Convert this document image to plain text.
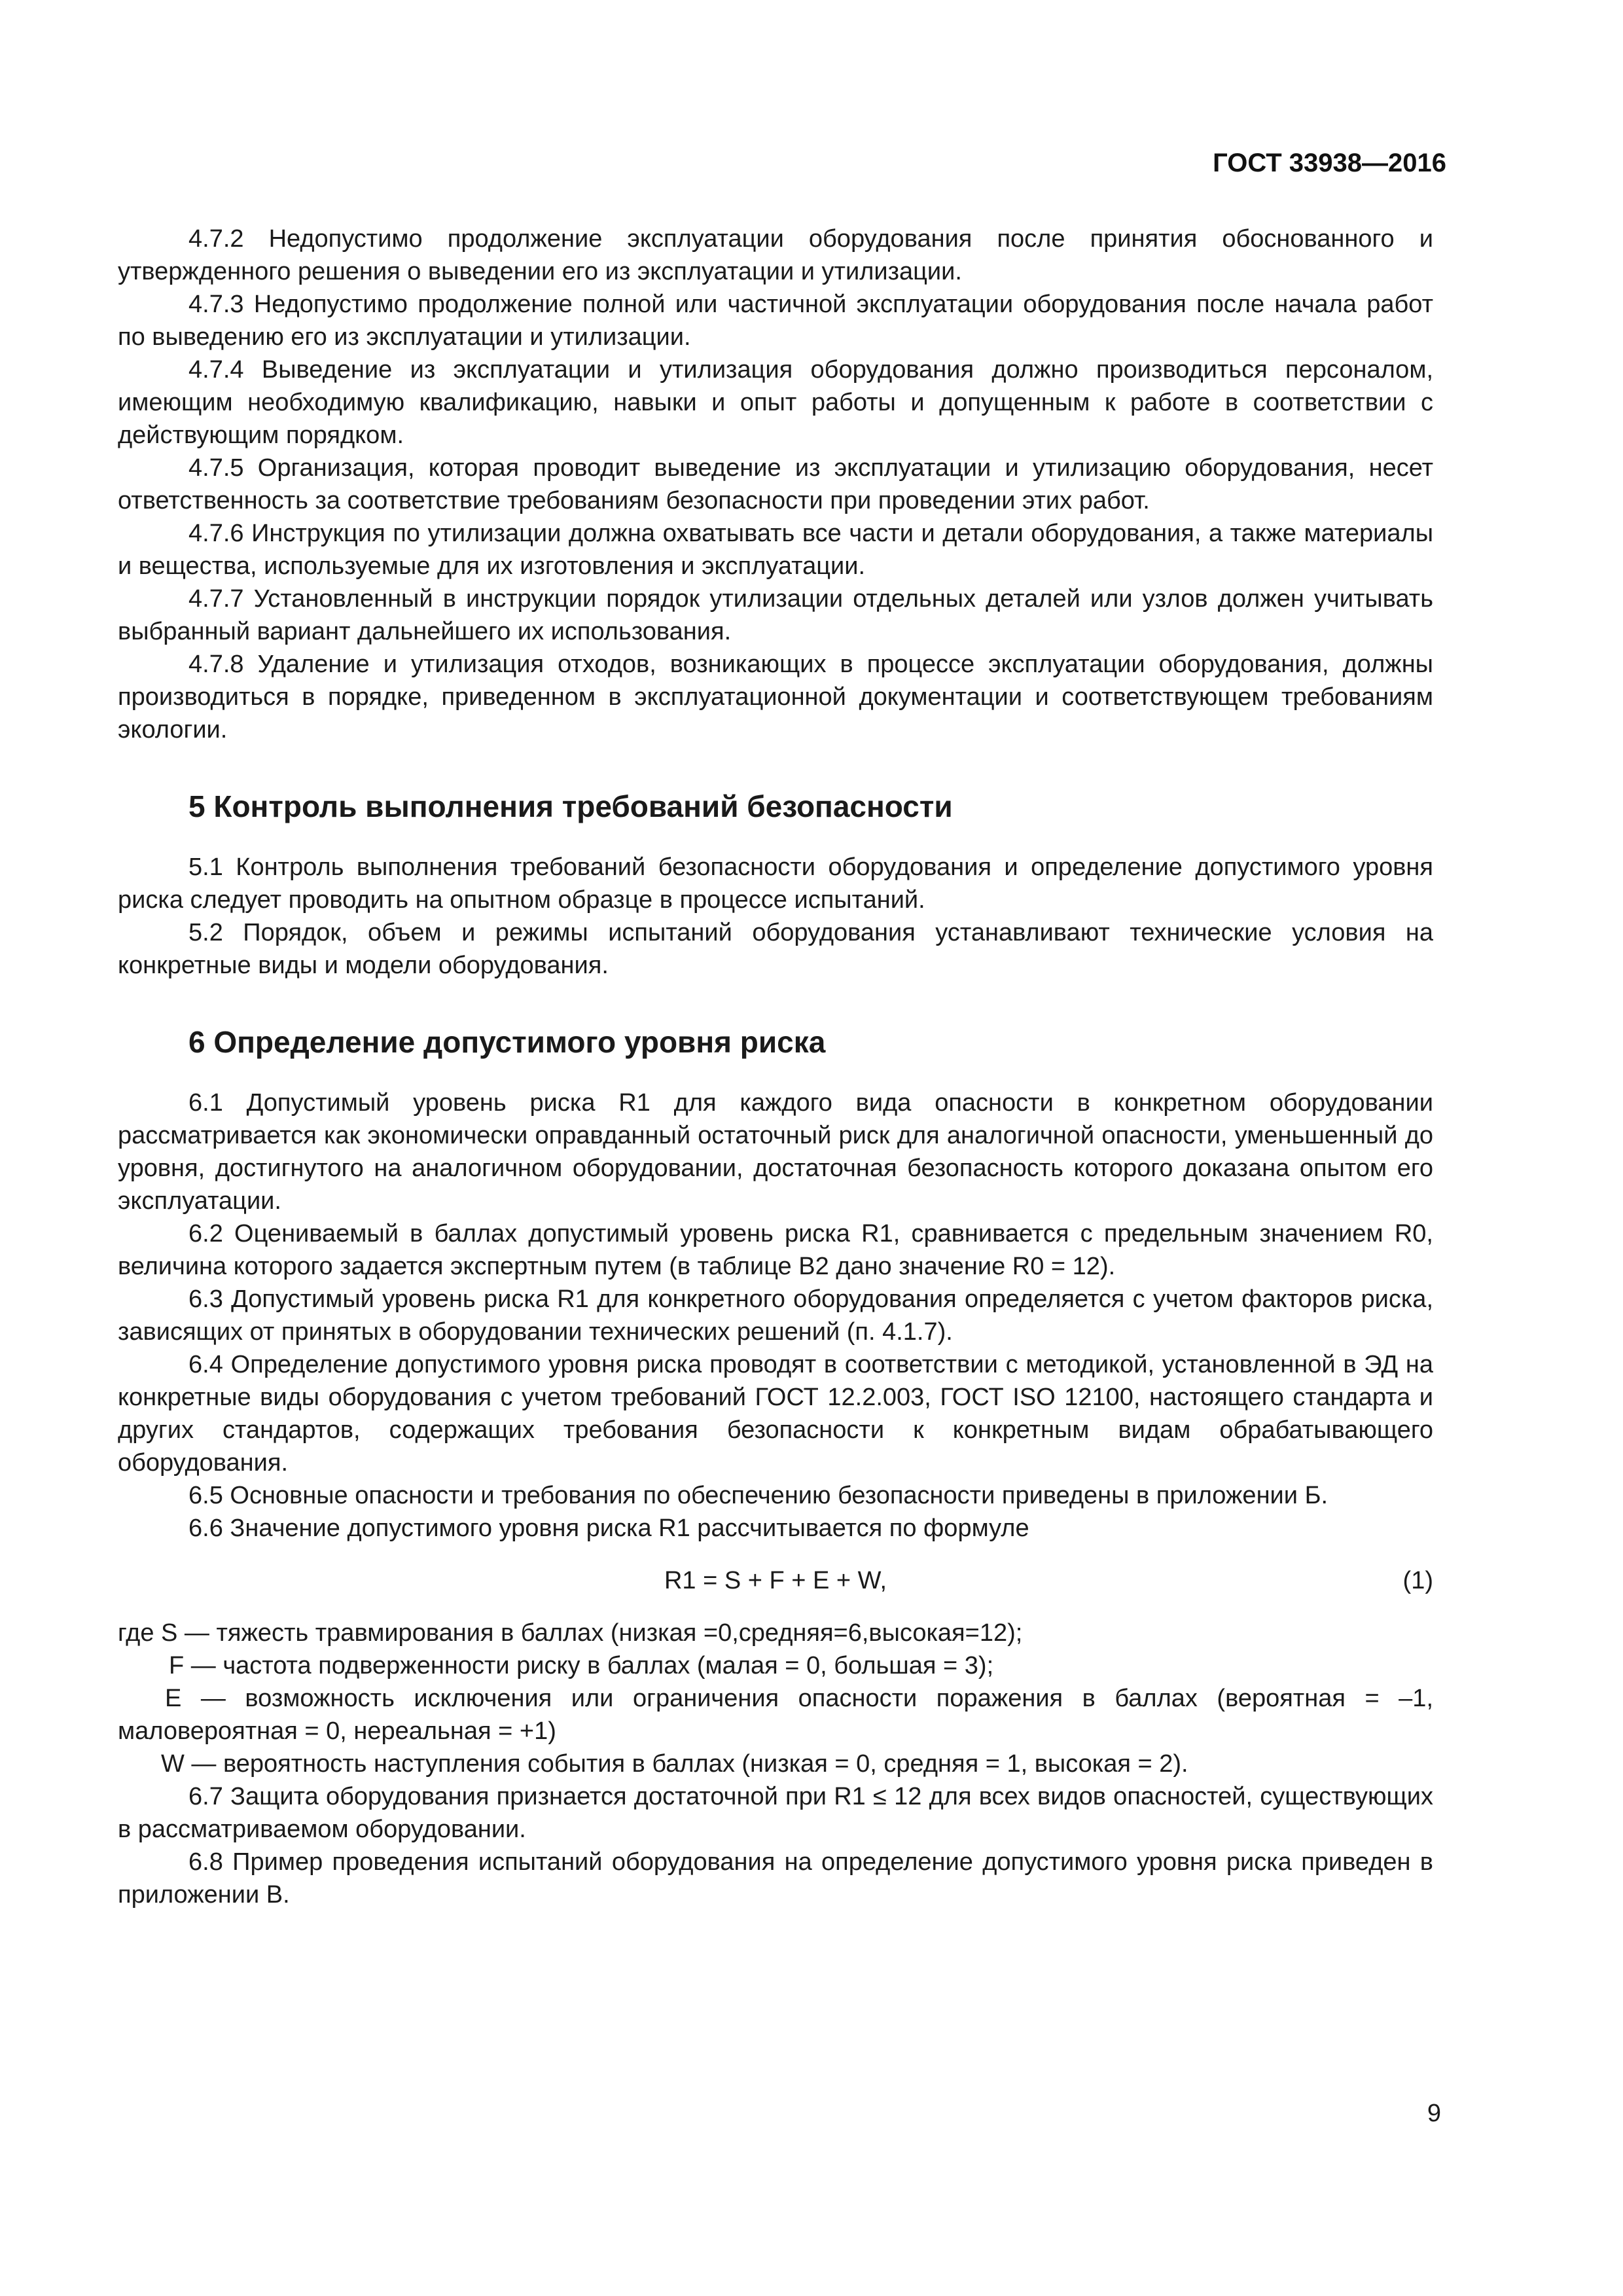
ГОСТ 33938—2016

4.7.2 Недопустимо продолжение эксплуатации оборудования после принятия обоснованного и утвержденного решения о выведении его из эксплуатации и утилизации.

4.7.3 Недопустимо продолжение полной или частичной эксплуатации оборудования после начала работ по выведению его из эксплуатации и утилизации.

4.7.4 Выведение из эксплуатации и утилизация оборудования должно производиться персоналом, имеющим необходимую квалификацию, навыки и опыт работы и допущенным к работе в соответствии с действующим порядком.

4.7.5 Организация, которая проводит выведение из эксплуатации и утилизацию оборудования, несет ответственность за соответствие требованиям безопасности при проведении этих работ.

4.7.6 Инструкция по утилизации должна охватывать все части и детали оборудования, а также материалы и вещества, используемые для их изготовления и эксплуатации.

4.7.7 Установленный в инструкции порядок утилизации отдельных деталей или узлов должен учитывать выбранный вариант дальнейшего их использования.

4.7.8 Удаление и утилизация отходов, возникающих в процессе эксплуатации оборудования, должны производиться в порядке, приведенном в эксплуатационной документации и соответствующем требованиям экологии.

5 Контроль выполнения требований безопасности

5.1 Контроль выполнения требований безопасности оборудования и определение допустимого уровня риска следует проводить на опытном образце в процессе испытаний.

5.2 Порядок, объем и режимы испытаний оборудования устанавливают технические условия на конкретные виды и модели оборудования.

6 Определение допустимого уровня риска

6.1 Допустимый уровень риска R1 для каждого вида опасности в конкретном оборудовании рассматривается как экономически оправданный остаточный риск для аналогичной опасности, уменьшенный до уровня, достигнутого на аналогичном оборудовании, достаточная безопасность которого доказана опытом его эксплуатации.

6.2 Оцениваемый в баллах допустимый уровень риска R1, сравнивается с предельным значением R0, величина которого задается экспертным путем (в таблице В2 дано значение R0 = 12).

6.3 Допустимый уровень риска R1 для конкретного оборудования определяется с учетом факторов риска, зависящих от принятых в оборудовании технических решений (п. 4.1.7).

6.4 Определение допустимого уровня риска проводят в соответствии с методикой, установленной в ЭД на конкретные виды оборудования с учетом требований ГОСТ 12.2.003, ГОСТ ISO 12100, настоящего стандарта и других стандартов, содержащих требования безопасности к конкретным видам обрабатывающего оборудования.

6.5 Основные опасности и требования по обеспечению безопасности приведены в приложении Б.

6.6 Значение допустимого уровня риска R1 рассчитывается по формуле

R1 = S + F + E + W,	(1)

где S — тяжесть травмирования в баллах (низкая =0,средняя=6,высокая=12);

F — частота подверженности риску в баллах (малая = 0, большая = 3);

E — возможность исключения или ограничения опасности поражения в баллах (вероятная = –1, маловероятная = 0, нереальная = +1)

W — вероятность наступления события в баллах (низкая = 0, средняя = 1, высокая = 2).

6.7 Защита оборудования признается достаточной при R1 ≤ 12 для всех видов опасностей, существующих в рассматриваемом оборудовании.

6.8 Пример проведения испытаний оборудования на определение допустимого уровня риска приведен в приложении В.

9
